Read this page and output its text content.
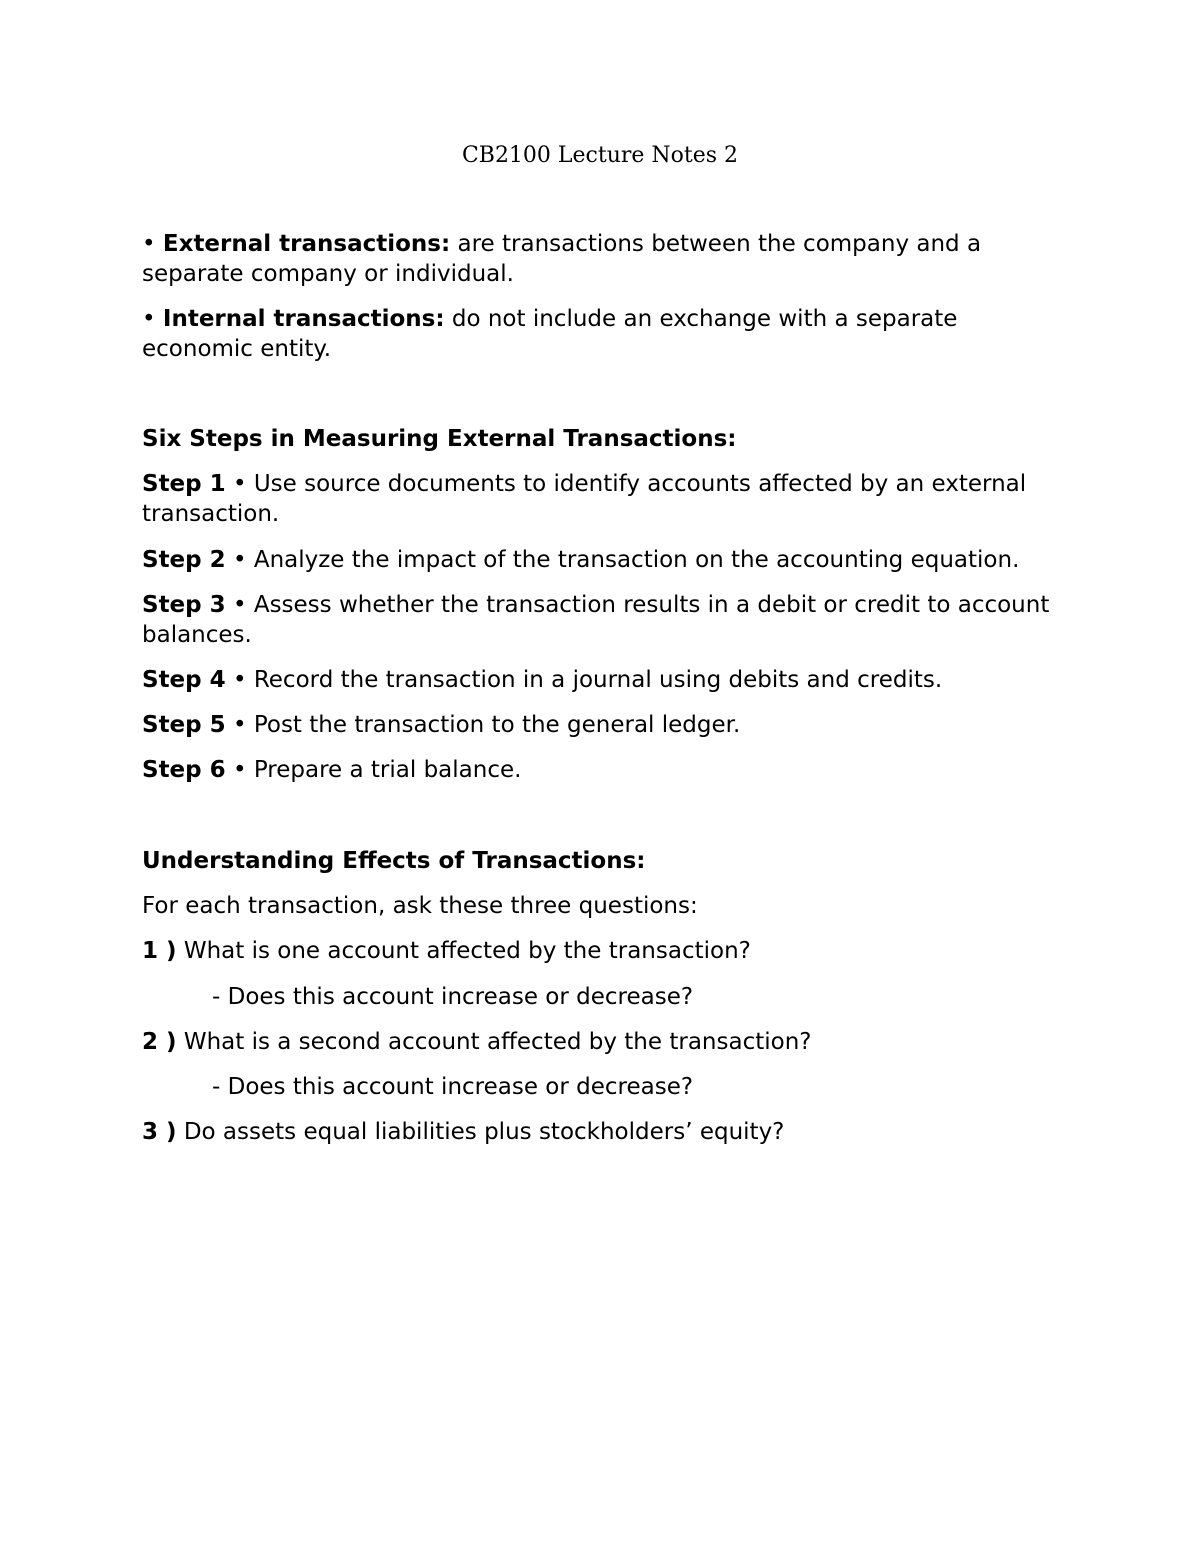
CB2100 Lecture Notes 2
• External transactions: are transactions between the company and a separate company or individual.
• Internal transactions: do not include an exchange with a separate economic entity.
Six Steps in Measuring External Transactions:
Step 1 • Use source documents to identify accounts affected by an external transaction.
Step 2 • Analyze the impact of the transaction on the accounting equation.
Step 3 • Assess whether the transaction results in a debit or credit to account balances.
Step 4 • Record the transaction in a journal using debits and credits.
Step 5 • Post the transaction to the general ledger.
Step 6 • Prepare a trial balance.
Understanding Effects of Transactions:
For each transaction, ask these three questions:
1 ) What is one account affected by the transaction?
- Does this account increase or decrease?
2 ) What is a second account affected by the transaction?
- Does this account increase or decrease?
3 ) Do assets equal liabilities plus stockholders’ equity?
